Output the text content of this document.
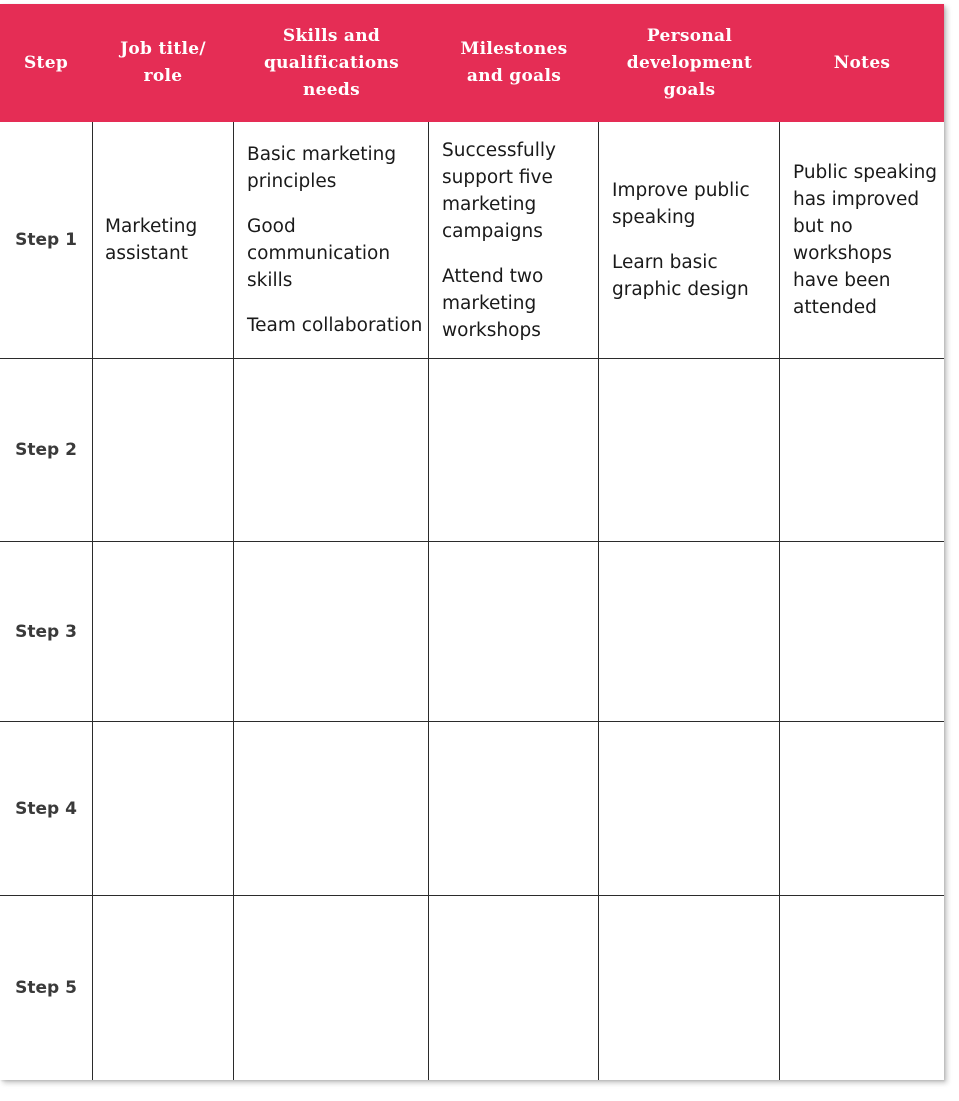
Step
Job title/ role
Skills and qualifications needs
Milestones and goals
Personal development goals
Notes
Step 1
Marketing assistant
Basic marketing principles
Good communication skills
Team collaboration
Successfully support five marketing campaigns
Attend two marketing workshops
Improve public speaking
Learn basic graphic design
Public speaking has improved but no workshops have been attended
Step 2
Step 3
Step 4
Step 5
